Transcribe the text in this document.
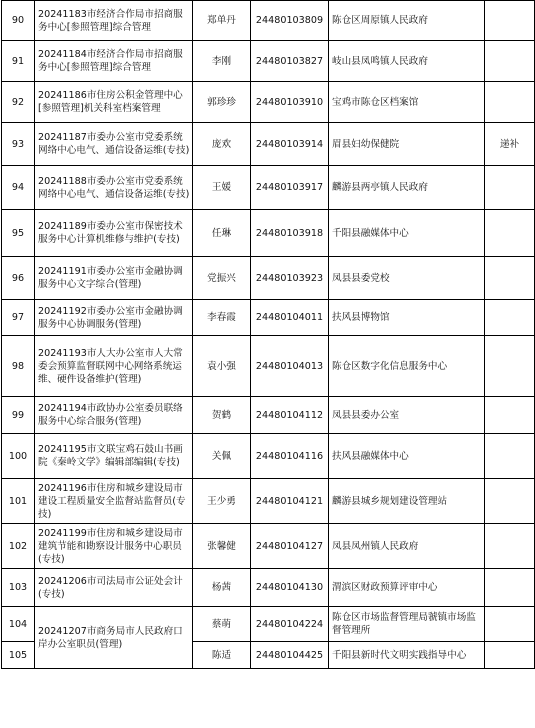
90	20241183市经济合作局市招商服务中心[参照管理]综合管理	郑单丹	24480103809	陈仓区周原镇人民政府	
91	20241184市经济合作局市招商服务中心[参照管理]综合管理	李刚	24480103827	岐山县凤鸣镇人民政府	
92	20241186市住房公积金管理中心[参照管理]机关科室档案管理	郭珍珍	24480103910	宝鸡市陈仓区档案馆	
93	20241187市委办公室市党委系统网络中心电气、通信设备运维(专技)	庞欢	24480103914	眉县妇幼保健院	递补
94	20241188市委办公室市党委系统网络中心电气、通信设备运维(专技)	王媛	24480103917	麟游县两亭镇人民政府	
95	20241189市委办公室市保密技术服务中心计算机维修与维护(专技)	任琳	24480103918	千阳县融媒体中心	
96	20241191市委办公室市金融协调服务中心文字综合(管理)	党振兴	24480103923	凤县县委党校	
97	20241192市委办公室市金融协调服务中心协调服务(管理)	李春霞	24480104011	扶风县博物馆	
98	20241193市人大办公室市人大常委会预算监督联网中心网络系统运维、硬件设备维护(管理)	袁小强	24480104013	陈仓区数字化信息服务中心	
99	20241194市政协办公室委员联络服务中心综合服务(管理)	贺鹤	24480104112	凤县县委办公室	
100	20241195市文联宝鸡石鼓山书画院《秦岭文学》编辑部编辑(专技)	关佩	24480104116	扶风县融媒体中心	
101	20241196市住房和城乡建设局市建设工程质量安全监督站监督员(专技)	王少勇	24480104121	麟游县城乡规划建设管理站	
102	20241199市住房和城乡建设局市建筑节能和勘察设计服务中心职员(专技)	张馨健	24480104127	凤县凤州镇人民政府	
103	20241206市司法局市公证处会计(专技)	杨茜	24480104130	渭滨区财政预算评审中心	
104	20241207市商务局市人民政府口岸办公室职员(管理)	蔡萌	24480104224	陈仓区市场监督管理局虢镇市场监督管理所	
105		陈适	24480104425	千阳县新时代文明实践指导中心	
